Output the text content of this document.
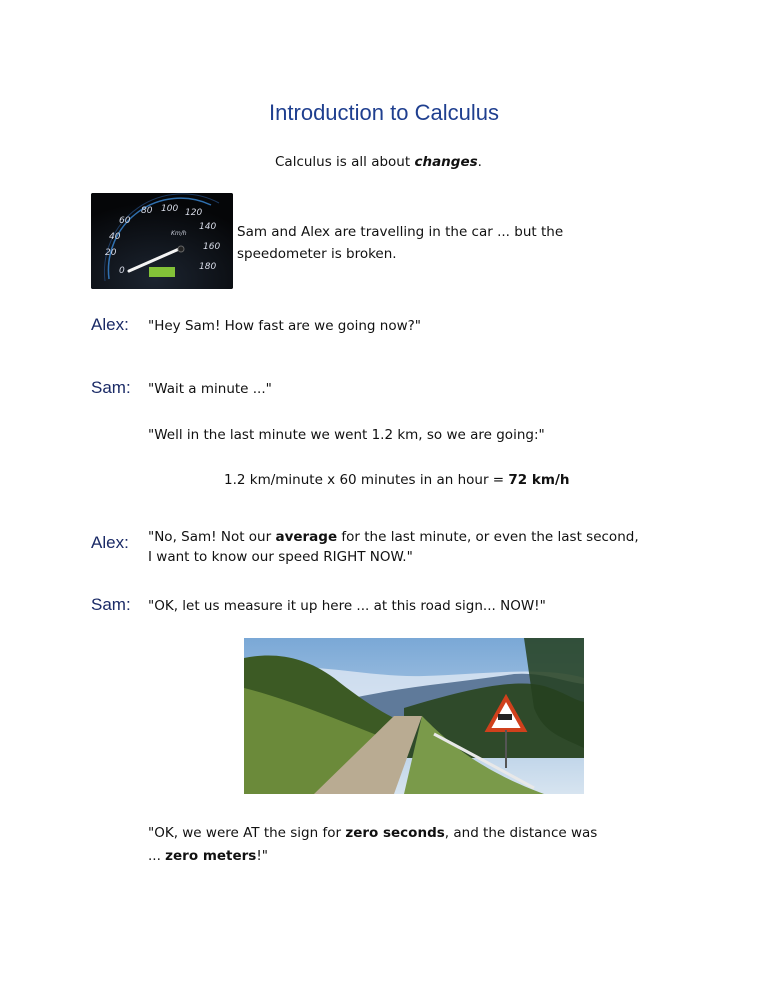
Introduction to Calculus
Calculus is all about changes.
0
20
40
60
80 100 120
140
160
180
Km/h	Sam and Alex are travelling in the car ... but the
speedometer is broken.
Alex: "Hey Sam! How fast are we going now?"
Sam: "Wait a minute ..."
"Well in the last minute we went 1.2 km, so we are going:"
1.2 km/minute x 60 minutes in an hour = 72 km/h
Alex: "No, Sam! Not our average for the last minute, or even the last second,
I want to know our speed RIGHT NOW."
Sam: "OK, let us measure it up here ... at this road sign... NOW!"
"OK, we were AT the sign for zero seconds, and the distance was
... zero meters!"
